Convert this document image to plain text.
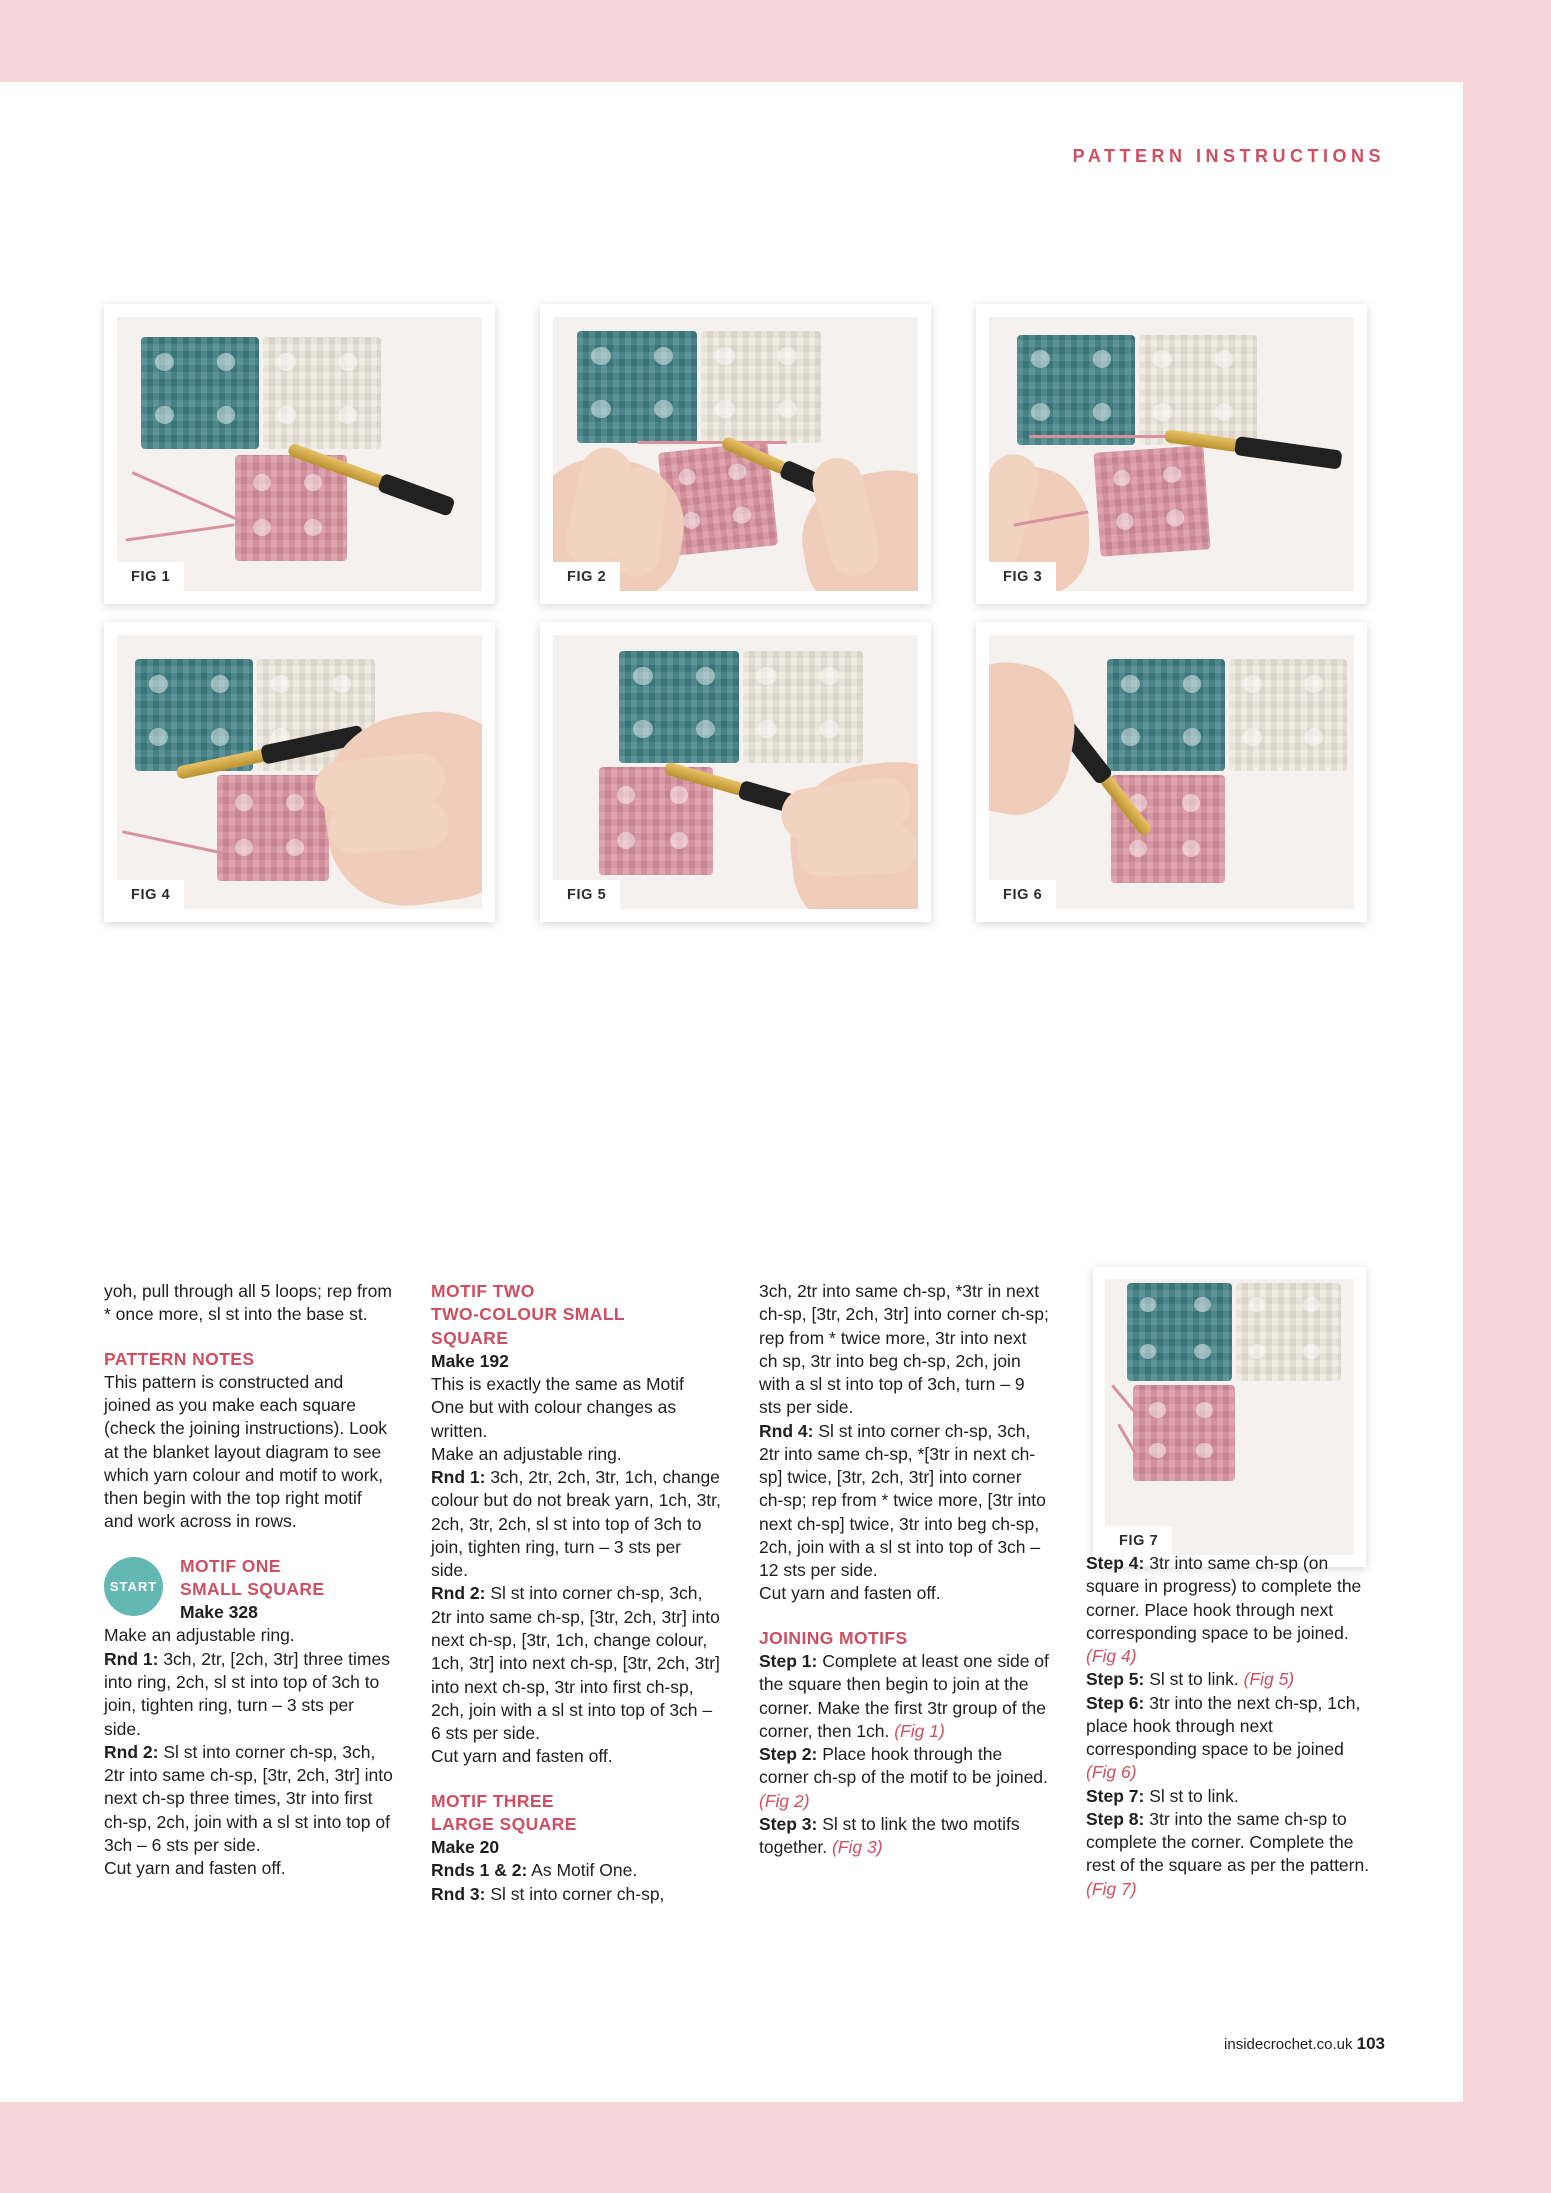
PATTERN INSTRUCTIONS
FIG 1	FIG 2	FIG 3
FIG 4	FIG 5	FIG 6
FIG 7

yoh, pull through all 5 loops; rep from * once more, sl st into the base st.

PATTERN NOTES

This pattern is constructed and joined as you make each square (check the joining instructions). Look at the blanket layout diagram to see which yarn colour and motif to work, then begin with the top right motif and work across in rows.

START
MOTIF ONE
SMALL SQUARE
Make 328

Make an adjustable ring.

Rnd 1: 3ch, 2tr, [2ch, 3tr] three times into ring, 2ch, sl st into top of 3ch to join, tighten ring, turn – 3 sts per side.

Rnd 2: Sl st into corner ch-sp, 3ch, 2tr into same ch-sp, [3tr, 2ch, 3tr] into next ch-sp three times, 3tr into first ch-sp, 2ch, join with a sl st into top of 3ch – 6 sts per side.

Cut yarn and fasten off.

MOTIF TWO

TWO-COLOUR SMALL

SQUARE

Make 192

This is exactly the same as Motif One but with colour changes as written.

Make an adjustable ring.

Rnd 1: 3ch, 2tr, 2ch, 3tr, 1ch, change colour but do not break yarn, 1ch, 3tr, 2ch, 3tr, 2ch, sl st into top of 3ch to join, tighten ring, turn – 3 sts per side.

Rnd 2: Sl st into corner ch-sp, 3ch, 2tr into same ch-sp, [3tr, 2ch, 3tr] into next ch-sp, [3tr, 1ch, change colour, 1ch, 3tr] into next ch-sp, [3tr, 2ch, 3tr] into next ch-sp, 3tr into first ch-sp, 2ch, join with a sl st into top of 3ch – 6 sts per side.

Cut yarn and fasten off.

MOTIF THREE

LARGE SQUARE

Make 20

Rnds 1 & 2: As Motif One.

Rnd 3: Sl st into corner ch-sp,

3ch, 2tr into same ch-sp, *3tr in next ch-sp, [3tr, 2ch, 3tr] into corner ch-sp; rep from * twice more, 3tr into next ch sp, 3tr into beg ch-sp, 2ch, join with a sl st into top of 3ch, turn – 9 sts per side.

Rnd 4: Sl st into corner ch-sp, 3ch, 2tr into same ch-sp, *[3tr in next ch-sp] twice, [3tr, 2ch, 3tr] into corner ch-sp; rep from * twice more, [3tr into next ch-sp] twice, 3tr into beg ch-sp, 2ch, join with a sl st into top of 3ch – 12 sts per side.

Cut yarn and fasten off.

JOINING MOTIFS

Step 1: Complete at least one side of the square then begin to join at the corner. Make the first 3tr group of the corner, then 1ch. (Fig 1)

Step 2: Place hook through the corner ch-sp of the motif to be joined. (Fig 2)

Step 3: Sl st to link the two motifs together. (Fig 3)

Step 4: 3tr into same ch-sp (on square in progress) to complete the corner. Place hook through next corresponding space to be joined. (Fig 4)

Step 5: Sl st to link. (Fig 5)

Step 6: 3tr into the next ch-sp, 1ch, place hook through next corresponding space to be joined (Fig 6)

Step 7: Sl st to link.

Step 8: 3tr into the same ch-sp to complete the corner. Complete the rest of the square as per the pattern. (Fig 7)

insidecrochet.co.uk 103
